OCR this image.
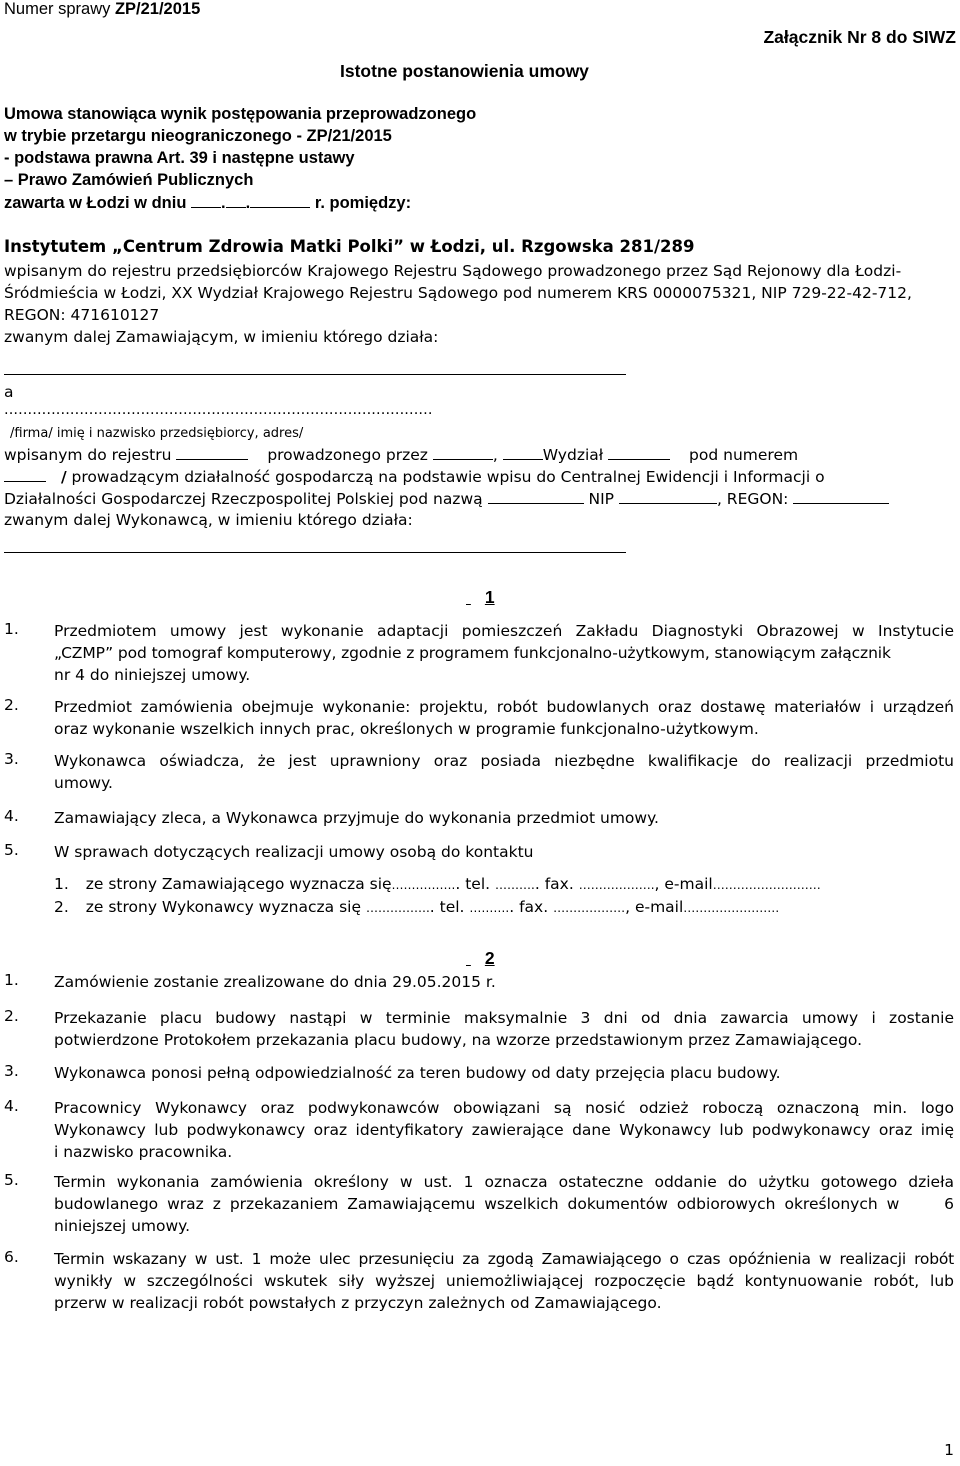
Numer sprawy ZP/21/2015
Załącznik Nr 8 do SIWZ
Istotne postanowienia umowy
Umowa stanowiąca wynik postępowania przeprowadzonego
w trybie przetargu nieograniczonego - ZP/21/2015
- podstawa prawna Art. 39 i następne ustawy
– Prawo Zamówień Publicznych
zawarta w Łodzi w dniu . .	r. pomiędzy:
Instytutem „Centrum Zdrowia Matki Polki” w Łodzi, ul. Rzgowska 281/289
wpisanym do rejestru przedsiębiorców Krajowego Rejestru Sądowego prowadzonego przez Sąd Rejonowy dla Łodzi-
Śródmieścia w Łodzi, XX Wydział Krajowego Rejestru Sądowego pod numerem KRS 0000075321, NIP 729-22-42-712,
REGON: 471610127
zwanym dalej Zamawiającym, w imieniu którego działa:
a
...........................................................................................
/firma/ imię i nazwisko przedsiębiorcy, adres/
wpisanym do rejestru	prowadzonego przez	,	Wydział	pod numerem
/ prowadzącym działalność gospodarczą na podstawie wpisu do Centralnej Ewidencji i Informacji o
Działalności Gospodarczej Rzeczpospolitej Polskiej pod nazwą	NIP	, REGON:
zwanym dalej Wykonawcą, w imieniu którego działa:
1
1. Przedmiotem umowy jest wykonanie adaptacji pomieszczeń Zakładu Diagnostyki Obrazowej w Instytucie
„CZMP” pod tomograf komputerowy, zgodnie z programem funkcjonalno-użytkowym, stanowiącym załącznik
nr 4 do niniejszej umowy.
2. Przedmiot zamówienia obejmuje wykonanie: projektu, robót budowlanych oraz dostawę materiałów i urządzeń
oraz wykonanie wszelkich innych prac, określonych w programie funkcjonalno-użytkowym.
3. Wykonawca oświadcza, że jest uprawniony oraz posiada niezbędne kwalifikacje do realizacji przedmiotu
umowy.
4. Zamawiający zleca, a Wykonawca przyjmuje do wykonania przedmiot umowy.
5. W sprawach dotyczących realizacji umowy osobą do kontaktu
1. ze strony Zamawiającego wyznacza się…………….. tel. ……….. fax. ………………., e-mail………………………
2. ze strony Wykonawcy wyznacza się …………….. tel. ……….. fax. ………………, e-mail……………………
2
1. Zamówienie zostanie zrealizowane do dnia 29.05.2015 r.
2. Przekazanie placu budowy nastąpi w terminie maksymalnie 3 dni od dnia zawarcia umowy i zostanie
potwierdzone Protokołem przekazania placu budowy, na wzorze przedstawionym przez Zamawiającego.
3. Wykonawca ponosi pełną odpowiedzialność za teren budowy od daty przejęcia placu budowy.
4. Pracownicy Wykonawcy oraz podwykonawców obowiązani są nosić odzież roboczą oznaczoną min. logo
Wykonawcy lub podwykonawcy oraz identyfikatory zawierające dane Wykonawcy lub podwykonawcy oraz imię
i nazwisko pracownika.
5. Termin wykonania zamówienia określony w ust. 1 oznacza ostateczne oddanie do użytku gotowego dzieła
budowlanego wraz z przekazaniem Zamawiającemu wszelkich dokumentów odbiorowych określonych w     6
niniejszej umowy.
6. Termin wskazany w ust. 1 może ulec przesunięciu za zgodą Zamawiającego o czas opóźnienia w realizacji robót
wynikły w szczególności wskutek siły wyższej uniemożliwiającej rozpoczęcie bądź kontynuowanie robót, lub
przerw w realizacji robót powstałych z przyczyn zależnych od Zamawiającego.
1
